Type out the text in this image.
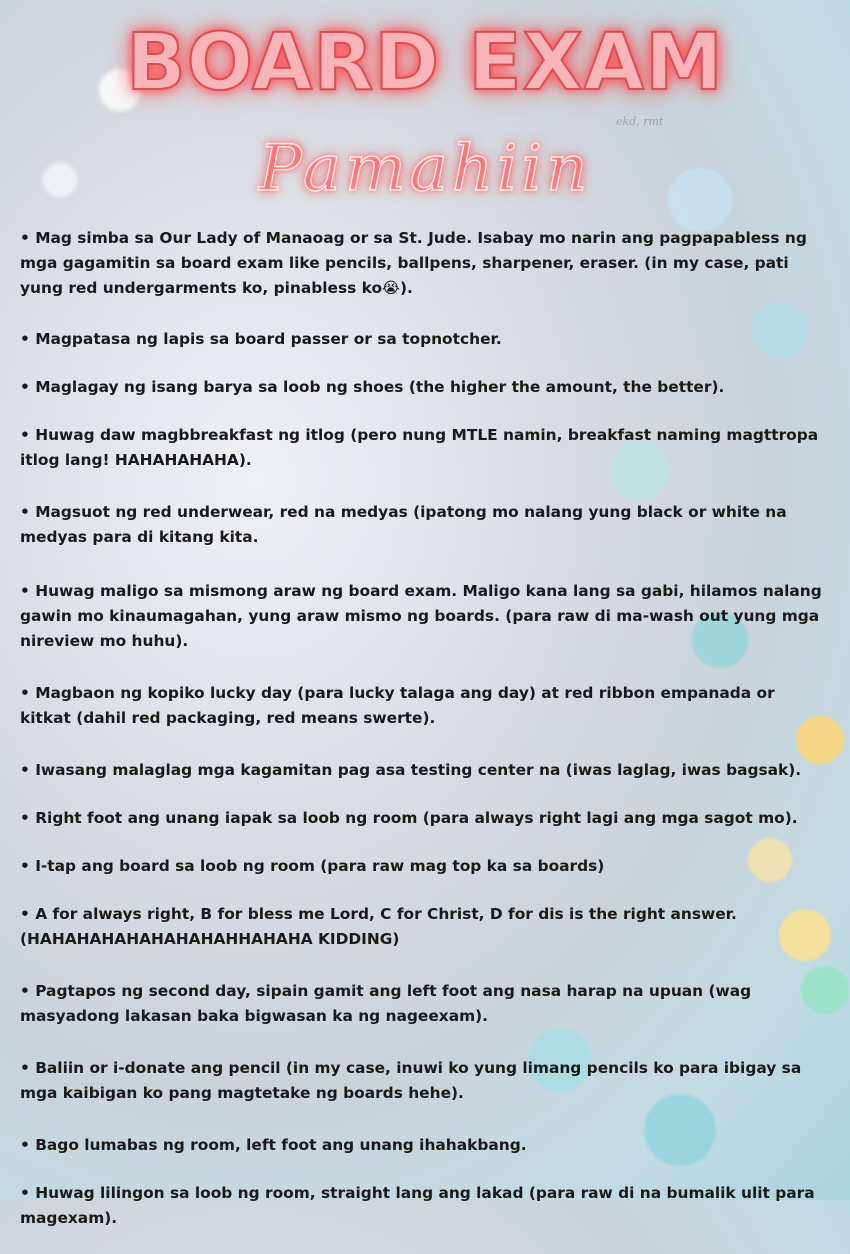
BOARD EXAM
ekd, rmt
Pamahiin
• Mag simba sa Our Lady of Manaoag or sa St. Jude. Isabay mo narin ang pagpapabless ng mga gagamitin sa board exam like pencils, ballpens, sharpener, eraser. (in my case, pati yung red undergarments ko, pinabless ko😭).
• Magpatasa ng lapis sa board passer or sa topnotcher.
• Maglagay ng isang barya sa loob ng shoes (the higher the amount, the better).
• Huwag daw magbbreakfast ng itlog (pero nung MTLE namin, breakfast naming magttropa itlog lang! HAHAHAHAHA).
• Magsuot ng red underwear, red na medyas (ipatong mo nalang yung black or white na medyas para di kitang kita.
• Huwag maligo sa mismong araw ng board exam. Maligo kana lang sa gabi, hilamos nalang gawin mo kinaumagahan, yung araw mismo ng boards. (para raw di ma-wash out yung mga nireview mo huhu).
• Magbaon ng kopiko lucky day (para lucky talaga ang day) at red ribbon empanada or kitkat (dahil red packaging, red means swerte).
• Iwasang malaglag mga kagamitan pag asa testing center na (iwas laglag, iwas bagsak).
• Right foot ang unang iapak sa loob ng room (para always right lagi ang mga sagot mo).
• I-tap ang board sa loob ng room (para raw mag top ka sa boards)
• A for always right, B for bless me Lord, C for Christ, D for dis is the right answer. (HAHAHAHAHAHAHAHAHHAHAHA KIDDING)
• Pagtapos ng second day, sipain gamit ang left foot ang nasa harap na upuan (wag masyadong lakasan baka bigwasan ka ng nageexam).
• Baliin or i-donate ang pencil (in my case, inuwi ko yung limang pencils ko para ibigay sa mga kaibigan ko pang magtetake ng boards hehe).
• Bago lumabas ng room, left foot ang unang ihahakbang.
• Huwag lilingon sa loob ng room, straight lang ang lakad (para raw di na bumalik ulit para magexam).
